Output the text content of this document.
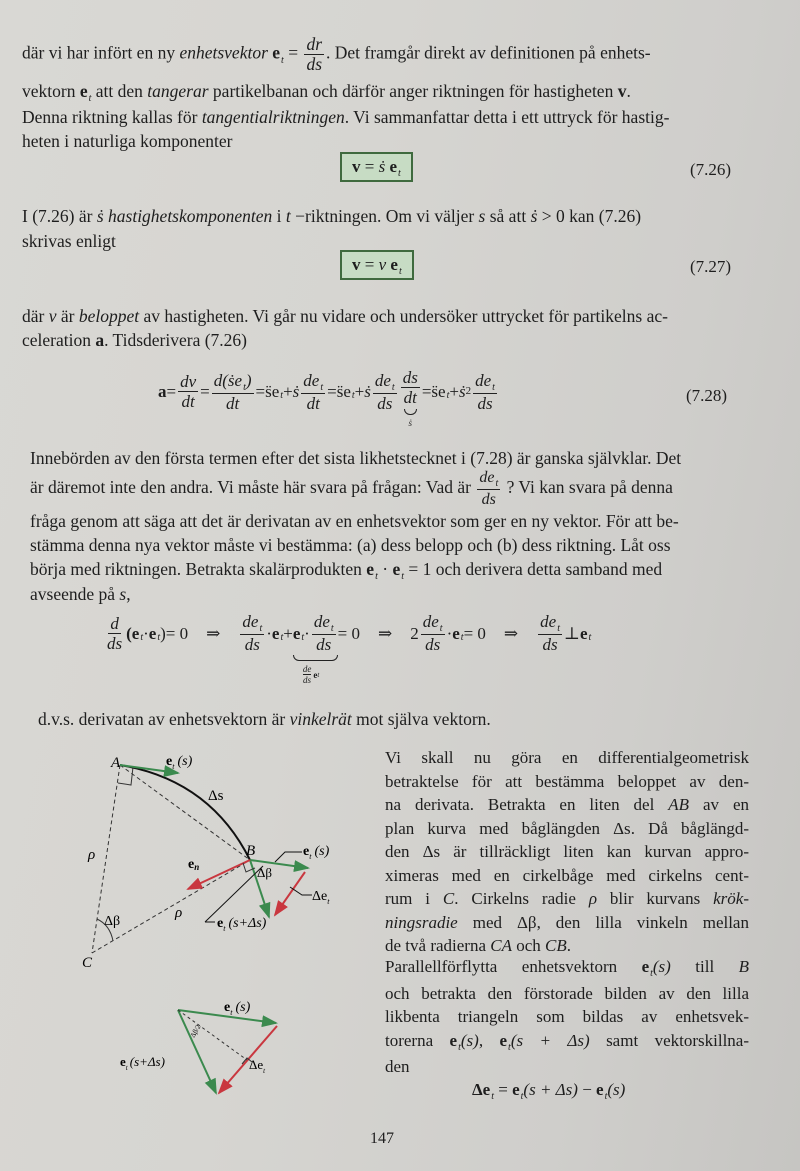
där vi har infört en ny enhetsvektor $e_t = \frac{dr}{ds}$ . Det framgår direkt av definitionen på enhets-
vektorn $e_t$ att den tangerar partikelbanan och därför anger riktningen för hastigheten v.
Denna riktning kallas för tangentialriktningen. Vi sammanfattar detta i ett uttryck för hastig-
heten i naturliga komponenter
v = ṡ $e_t$	(7.26)
I (7.26) är ṡ hastighetskomponenten i t −riktningen. Om vi väljer s så att ṡ > 0 kan (7.26)
skrivas enligt
v = v $e_t$	(7.27)
där v är beloppet av hastigheten. Vi går nu vidare och undersöker uttrycket för partikelns ac-
celeration a. Tidsderivera (7.26)
$a = \frac{dv}{dt} = \frac{d(ṡe_t)}{dt}$ = s̈e t + ṡ $\frac{de_t}{dt}$ = s̈e t + ṡ $\frac{de_t}{ds}$ ds
dt
ṡ = s̈e t + ṡ $2 \frac{de_t}{ds}$	(7.28)
Innebörden av den första termen efter det sista likhetstecknet i (7.28) är ganska självklar. Det
är däremot inte den andra. Vi måste här svara på frågan: Vad är $\frac{de_t}{ds}$ ? Vi kan svara på denna
fråga genom att säga att det är derivatan av en enhetsvektor som ger en ny vektor. För att be-
stämma denna nya vektor måste vi bestämma: (a) dess belopp och (b) dess riktning. Låt oss
börja med riktningen. Betrakta skalärprodukten $e_t \cdot e_t = 1$ och derivera detta samband med
avseende på s,
$\frac{d}{ds} (e$ t · e t ) = 0 ⇒ $\frac{de_t}{ds} \cdot e$ t + e $t \cdot \frac{de_t}{ds}$
$\frac{de}{ds}$ e t
= 0 ⇒ $2 \frac{de_t}{ds} \cdot e$ t = 0 ⇒ $\frac{de_t}{ds}$ ⊥ e t
d.v.s. derivatan av enhetsvektorn är vinkelrät mot själva vektorn.
A
B
C
$e_t$ (s)
Δs
ρ
ρ
en
Δβ
Δβ
$e_t$ (s)
$\Delta e_t$
$e_t$ (s+Δs)
Vi skall nu göra en differentialgeometrisk
betraktelse för att bestämma beloppet av den-
na derivata. Betrakta en liten del AB av en
plan kurva med båglängden Δs. Då båglängd-
den Δs är tillräckligt liten kan kurvan appro-
ximeras med en cirkelbåge med cirkelns cent-
rum i C. Cirkelns radie ρ blir kurvans krök-
ningsradie med Δβ, den lilla vinkeln mellan
de två radierna CA och CB.
Parallellförflytta enhetsvektorn $e_t(s)$ till B
och betrakta den förstorade bilden av den lilla
likbenta triangeln som bildas av enhetsvek-
torerna $e_t(s)$, $e_t(s + \Delta s)$ samt vektorskillna-
den
$\Delta e_t = e_t(s + \Delta s) - e_t(s)$
Δβ/2
$e_t$ (s)
$e_t$ (s+Δs)	$\Delta e_t$
147
